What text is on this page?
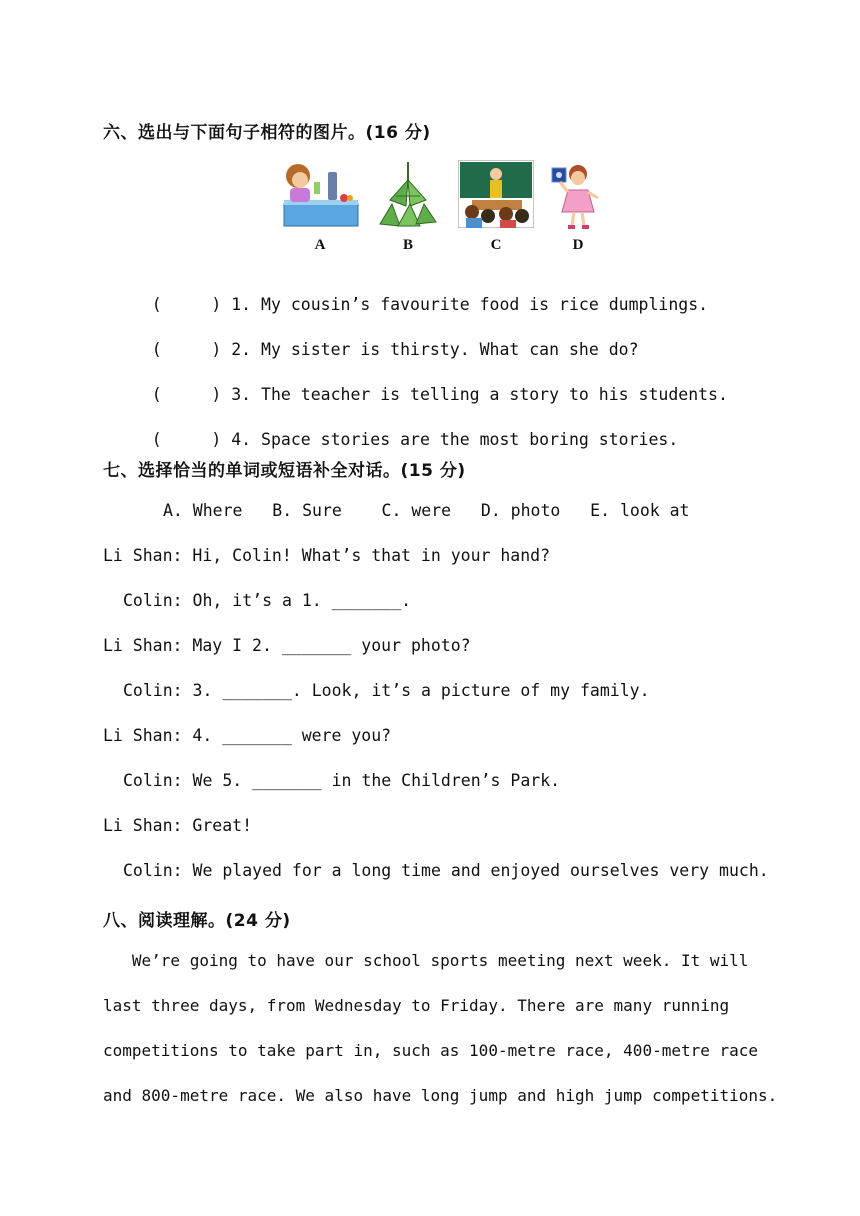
六、选出与下面句子相符的图片。(16 分)
A	B	C	D

(     ) 1. My cousin’s favourite food is rice dumplings.

(     ) 2. My sister is thirsty. What can she do?

(     ) 3. The teacher is telling a story to his students.

(     ) 4. Space stories are the most boring stories.

七、选择恰当的单词或短语补全对话。(15 分)
A. Where   B. Sure    C. were   D. photo   E. look at
Li Shan: Hi, Colin! What’s that in your hand?
Colin: Oh, it’s a 1. _______.
Li Shan: May I 2. _______ your photo?
Colin: 3. _______. Look, it’s a picture of my family.
Li Shan: 4. _______ were you?
Colin: We 5. _______ in the Children’s Park.
Li Shan: Great!
Colin: We played for a long time and enjoyed ourselves very much.
八、阅读理解。(24 分)
We’re going to have our school sports meeting next week. It will
last three days, from Wednesday to Friday. There are many running
competitions to take part in, such as 100-metre race, 400-metre race
and 800-metre race. We also have long jump and high jump competitions.
